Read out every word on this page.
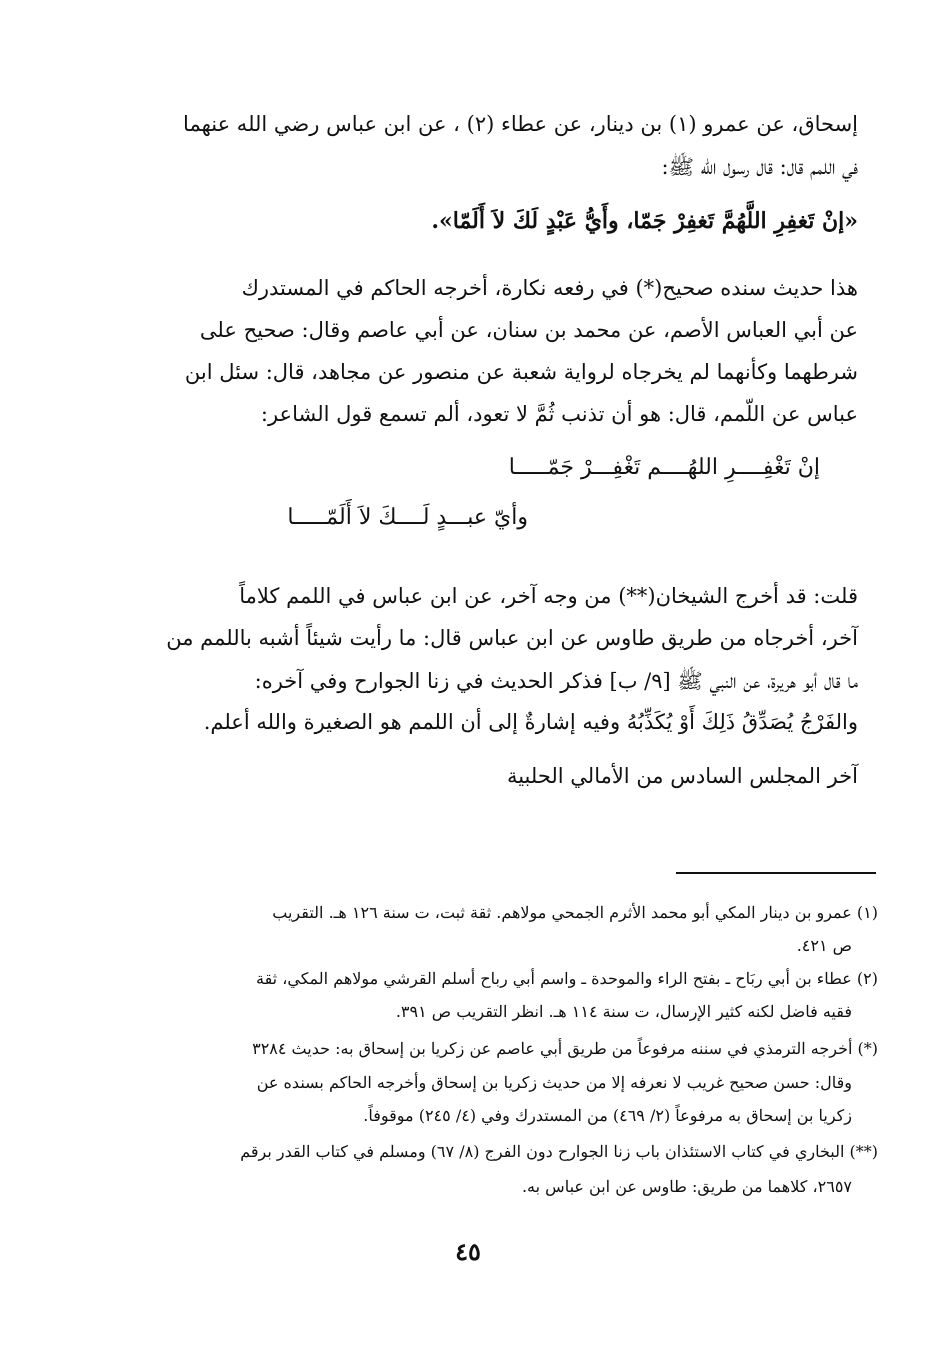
إسحاق، عن عمرو (١) بن دينار، عن عطاء (٢) ، عن ابن عباس رضي الله عنهما
في اللمم قال: قال رسول الله ﷺ:
«إنْ تَغفِرِ اللَّهُمَّ تَغفِرْ جَمّا، وأَيُّ عَبْدٍ لَكَ لاَ أَلَمّا».
هذا حديث سنده صحيح(*) في رفعه نكارة، أخرجه الحاكم في المستدرك
عن أبي العباس الأصم، عن محمد بن سنان، عن أبي عاصم وقال: صحيح على
شرطهما وكأنهما لم يخرجاه لرواية شعبة عن منصور عن مجاهد، قال: سئل ابن
عباس عن اللّمم، قال: هو أن تذنب ثُمَّ لا تعود، ألم تسمع قول الشاعر:
إنْ تَغْفِــــرِ اللهُــــم تَغْفِـــرْ جَمّـــــا
وأيّ عبـــدٍ لَــــكَ لاَ أَلَمّـــــا
قلت: قد أخرج الشيخان(**) من وجه آخر، عن ابن عباس في اللمم كلاماً
آخر، أخرجاه من طريق طاوس عن ابن عباس قال: ما رأيت شيئاً أشبه باللمم من
ما قال أبو هريرة، عن النبي ﷺ [٩/ ب] فذكر الحديث في زنا الجوارح وفي آخره:
والفَرْجُ يُصَدِّقُ ذَلِكَ أَوْ يُكَذِّبُهُ وفيه إشارةٌ إلى أن اللمم هو الصغيرة والله أعلم.
آخر المجلس السادس من الأمالي الحلبية
(١) عمرو بن دينار المكي أبو محمد الأثرم الجمحي مولاهم. ثقة ثبت، ت سنة ١٢٦ هـ. التقريب
ص ٤٢١.
(٢) عطاء بن أبي ربَاح ـ بفتح الراء والموحدة ـ واسم أبي رباح أسلم القرشي مولاهم المكي، ثقة
فقيه فاضل لكنه كثير الإرسال، ت سنة ١١٤ هـ. انظر التقريب ص ٣٩١.
(*) أخرجه الترمذي في سننه مرفوعاً من طريق أبي عاصم عن زكريا بن إسحاق به: حديث ٣٢٨٤
وقال: حسن صحيح غريب لا نعرفه إلا من حديث زكريا بن إسحاق وأخرجه الحاكم بسنده عن
زكريا بن إسحاق به مرفوعاً (٢/ ٤٦٩) من المستدرك وفي (٤/ ٢٤٥) موقوفاً.
(**) البخاري في كتاب الاستئذان باب زنا الجوارح دون الفرج (٨/ ٦٧) ومسلم في كتاب القدر برقم
٢٦٥٧، كلاهما من طريق: طاوس عن ابن عباس به.
٤٥
